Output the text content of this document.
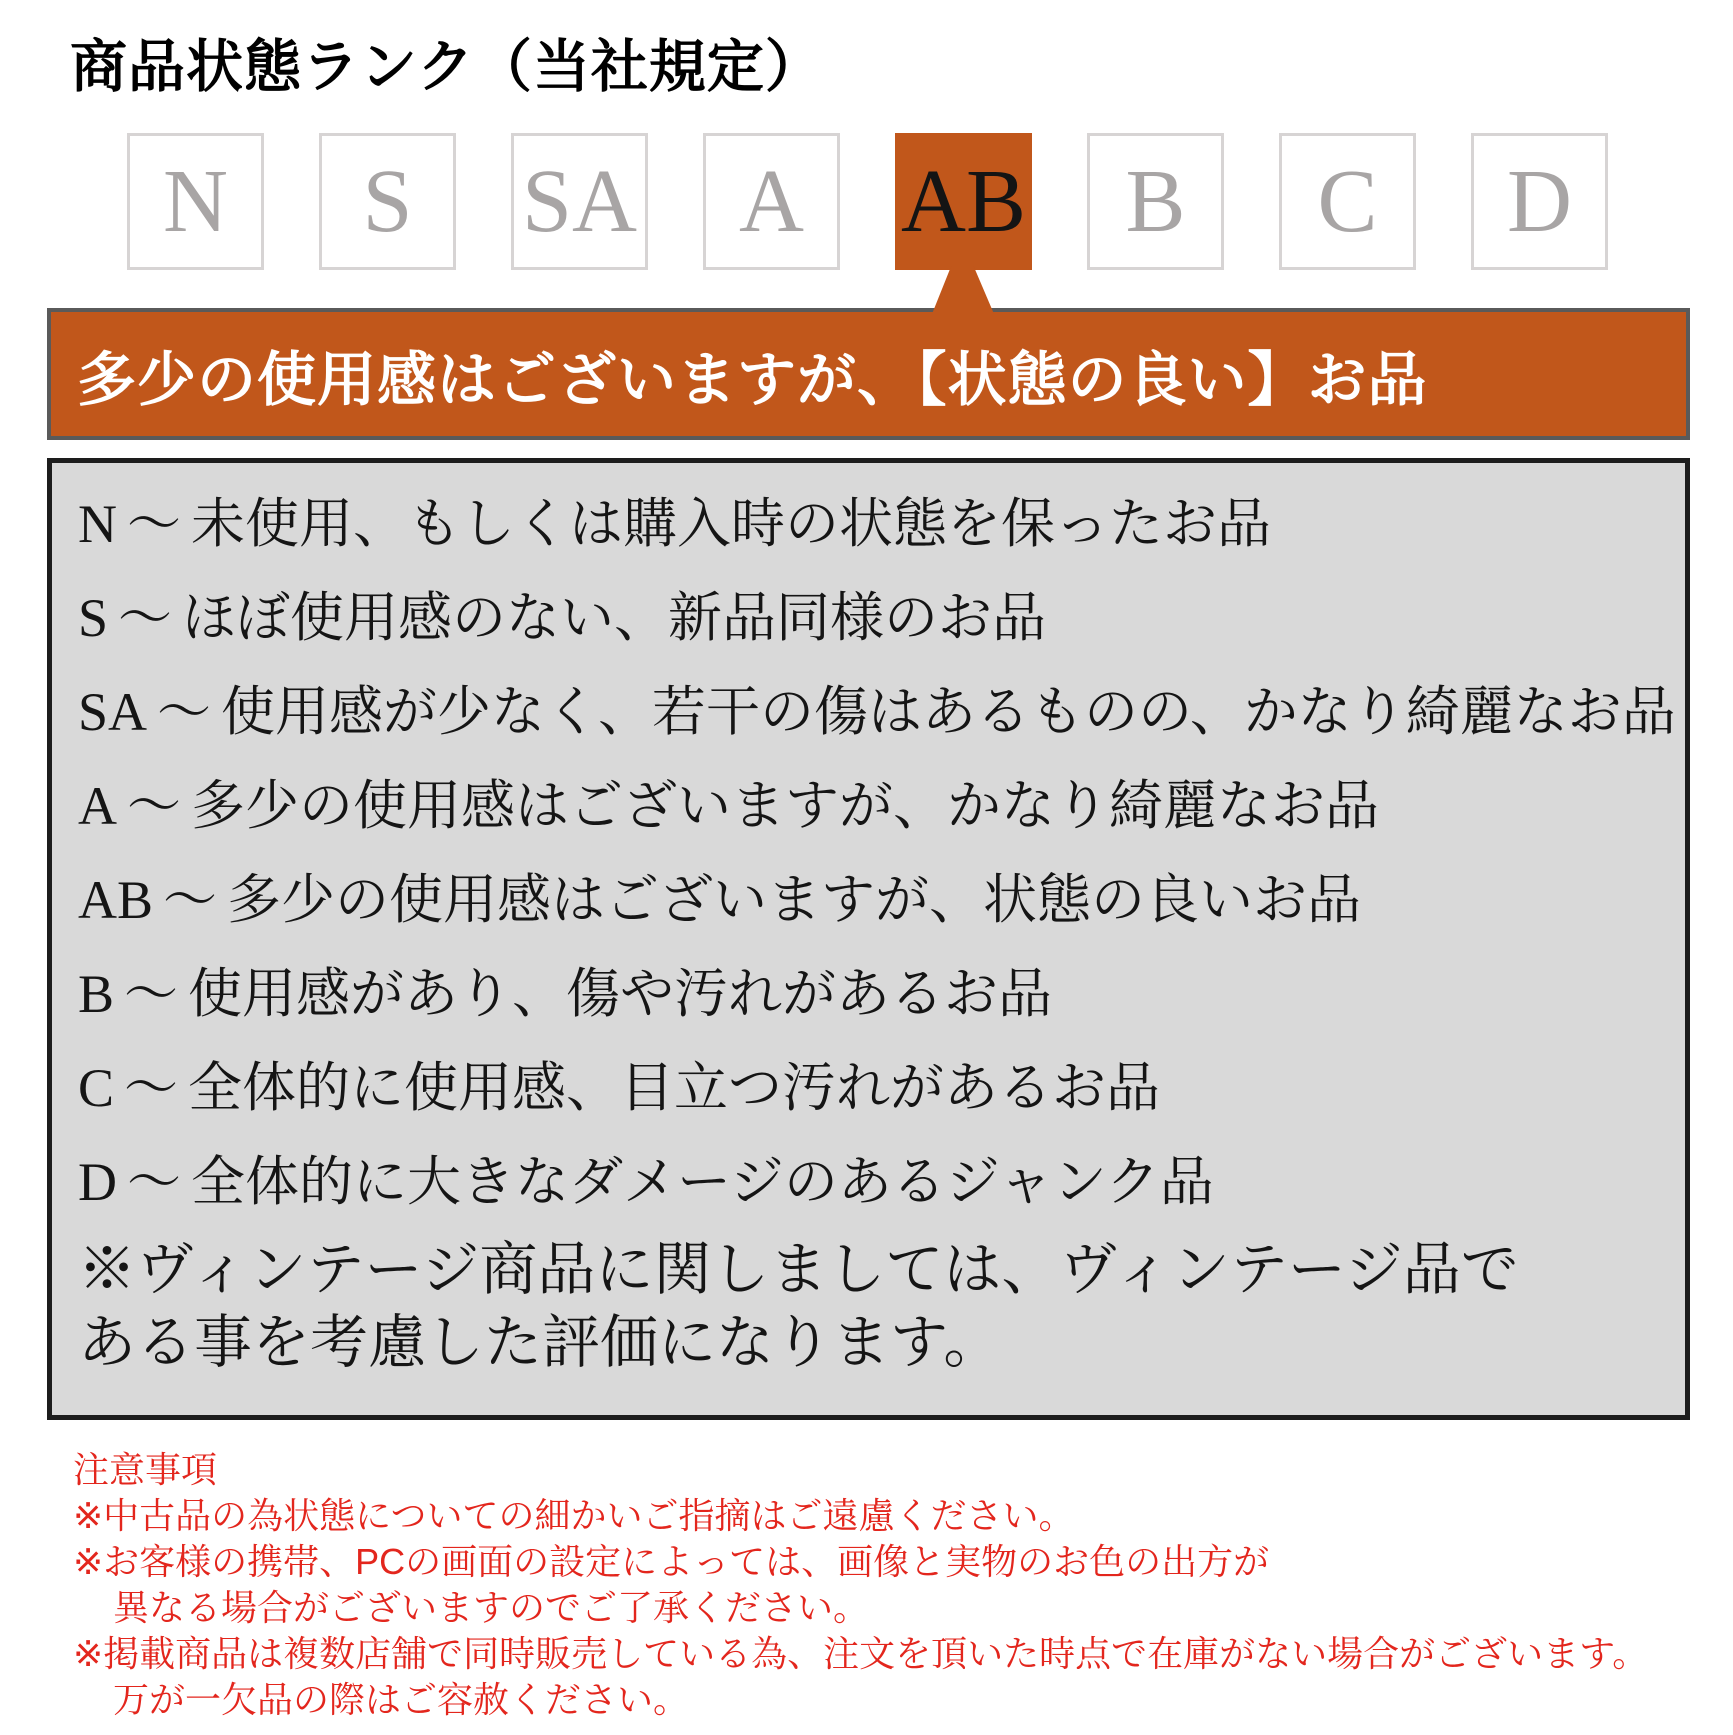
商品状態ランク（当社規定）
N S SA A AB B C D
多少の使用感はございますが、【状態の良い】お品
N ～ 未使用、もしくは購入時の状態を保ったお品
S ～ ほぼ使用感のない、新品同様のお品
SA ～ 使用感が少なく、若干の傷はあるものの、かなり綺麗なお品
A ～ 多少の使用感はございますが、かなり綺麗なお品
AB ～ 多少の使用感はございますが、状態の良いお品
B ～ 使用感があり、傷や汚れがあるお品
C ～ 全体的に使用感、目立つ汚れがあるお品
D ～ 全体的に大きなダメージのあるジャンク品
※ヴィンテージ商品に関しましては、ヴィンテージ品である事を考慮した評価になります。
注意事項
※中古品の為状態についての細かいご指摘はご遠慮ください。
※お客様の携帯、PCの画面の設定によっては、画像と実物のお色の出方が
異なる場合がございますのでご了承ください。
※掲載商品は複数店舗で同時販売している為、注文を頂いた時点で在庫がない場合がございます。
万が一欠品の際はご容赦ください。
